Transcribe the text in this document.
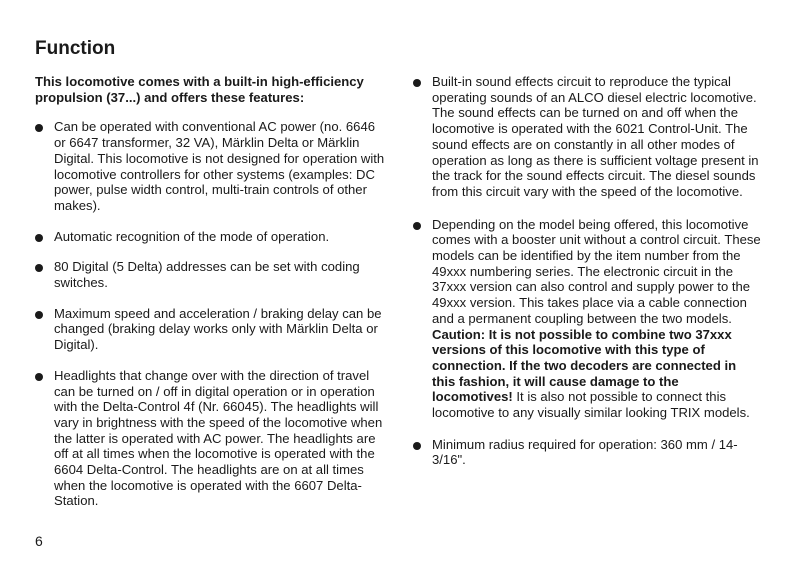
Function

This locomotive comes with a built-in high-efficiency propulsion (37...) and offers these features:

Can be operated with conventional AC power (no. 6646 or 6647 transformer, 32 VA), Märklin Delta or Märklin Digital. This locomotive is not designed for operation with locomotive controllers for other systems (examples: DC power, pulse width control, multi-train controls of other makes).
Automatic recognition of the mode of operation.
80 Digital (5 Delta) addresses can be set with coding switches.
Maximum speed and acceleration / braking delay can be changed (braking delay works only with Märklin Delta or Digital).
Headlights that change over with the direction of travel can be turned on / off in digital operation or in operation with the Delta-Control 4f (Nr. 66045). The headlights will vary in brightness with the speed of the locomotive when the latter is operated with AC power. The headlights are off at all times when the locomotive is operated with the 6604 Delta-Control. The headlights are on at all times when the locomotive is operated with the 6607 Delta-Station.
Built-in sound effects circuit to reproduce the typical operating sounds of an ALCO diesel electric locomotive. The sound effects can be turned on and off when the locomotive is operated with the 6021 Control-Unit. The sound effects are on constantly in all other modes of operation as long as there is sufficient voltage present in the track for the sound effects circuit. The diesel sounds from this circuit vary with the speed of the locomotive.
Depending on the model being offered, this locomotive comes with a booster unit without a control circuit. These models can be identified by the item number from the 49xxx numbering series. The electronic circuit in the 37xxx version can also control and supply power to the 49xxx version. This takes place via a cable connection and a permanent coupling between the two models. Caution: It is not possible to combine two 37xxx versions of this locomotive with this type of connection. If the two decoders are connected in this fashion, it will cause damage to the locomotives! It is also not possible to connect this locomotive to any visually similar looking TRIX models.
Minimum radius required for operation: 360 mm / 14-3/16".
6
